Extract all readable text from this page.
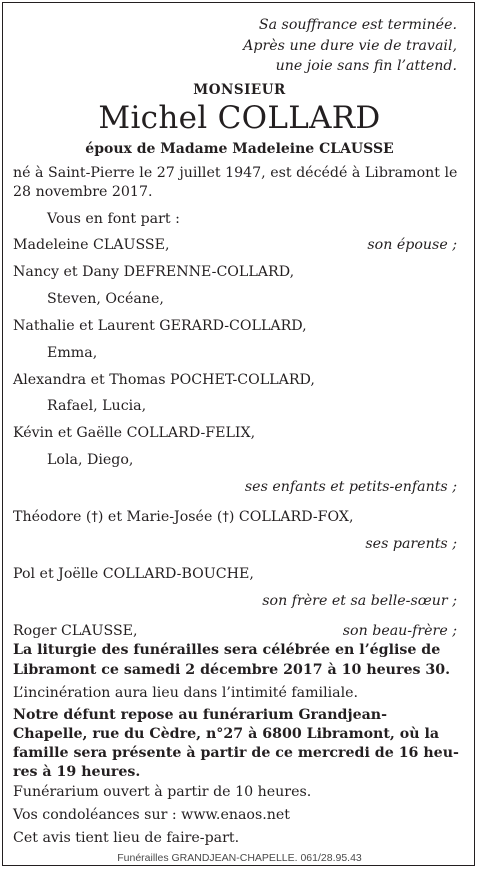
Sa souffrance est terminée.
Après une dure vie de travail,
une joie sans fin l’attend.
MONSIEUR
Michel COLLARD
époux de Madame Madeleine CLAUSSE
né à Saint-Pierre le 27 juillet 1947, est décédé à Libramont le
28 novembre 2017.
Vous en font part :
Madeleine CLAUSSE,	son épouse ;
Nancy et Dany DEFRENNE-COLLARD,
Steven, Océane,
Nathalie et Laurent GERARD-COLLARD,
Emma,
Alexandra et Thomas POCHET-COLLARD,
Rafael, Lucia,
Kévin et Gaëlle COLLARD-FELIX,
Lola, Diego,
ses enfants et petits-enfants ;
Théodore (†) et Marie-Josée (†) COLLARD-FOX,
ses parents ;
Pol et Joëlle COLLARD-BOUCHE,
son frère et sa belle-sœur ;
Roger CLAUSSE,	son beau-frère ;
La liturgie des funérailles sera célébrée en l’église de
Libramont ce samedi 2 décembre 2017 à 10 heures 30.
L’incinération aura lieu dans l’intimité familiale.
Notre défunt repose au funérarium Grandjean-
Chapelle, rue du Cèdre, n°27 à 6800 Libramont, où la
famille sera présente à partir de ce mercredi de 16 heu-
res à 19 heures.
Funérarium ouvert à partir de 10 heures.
Vos condoléances sur : www.enaos.net
Cet avis tient lieu de faire-part.
Funérailles GRANDJEAN-CHAPELLE. 061/28.95.43
